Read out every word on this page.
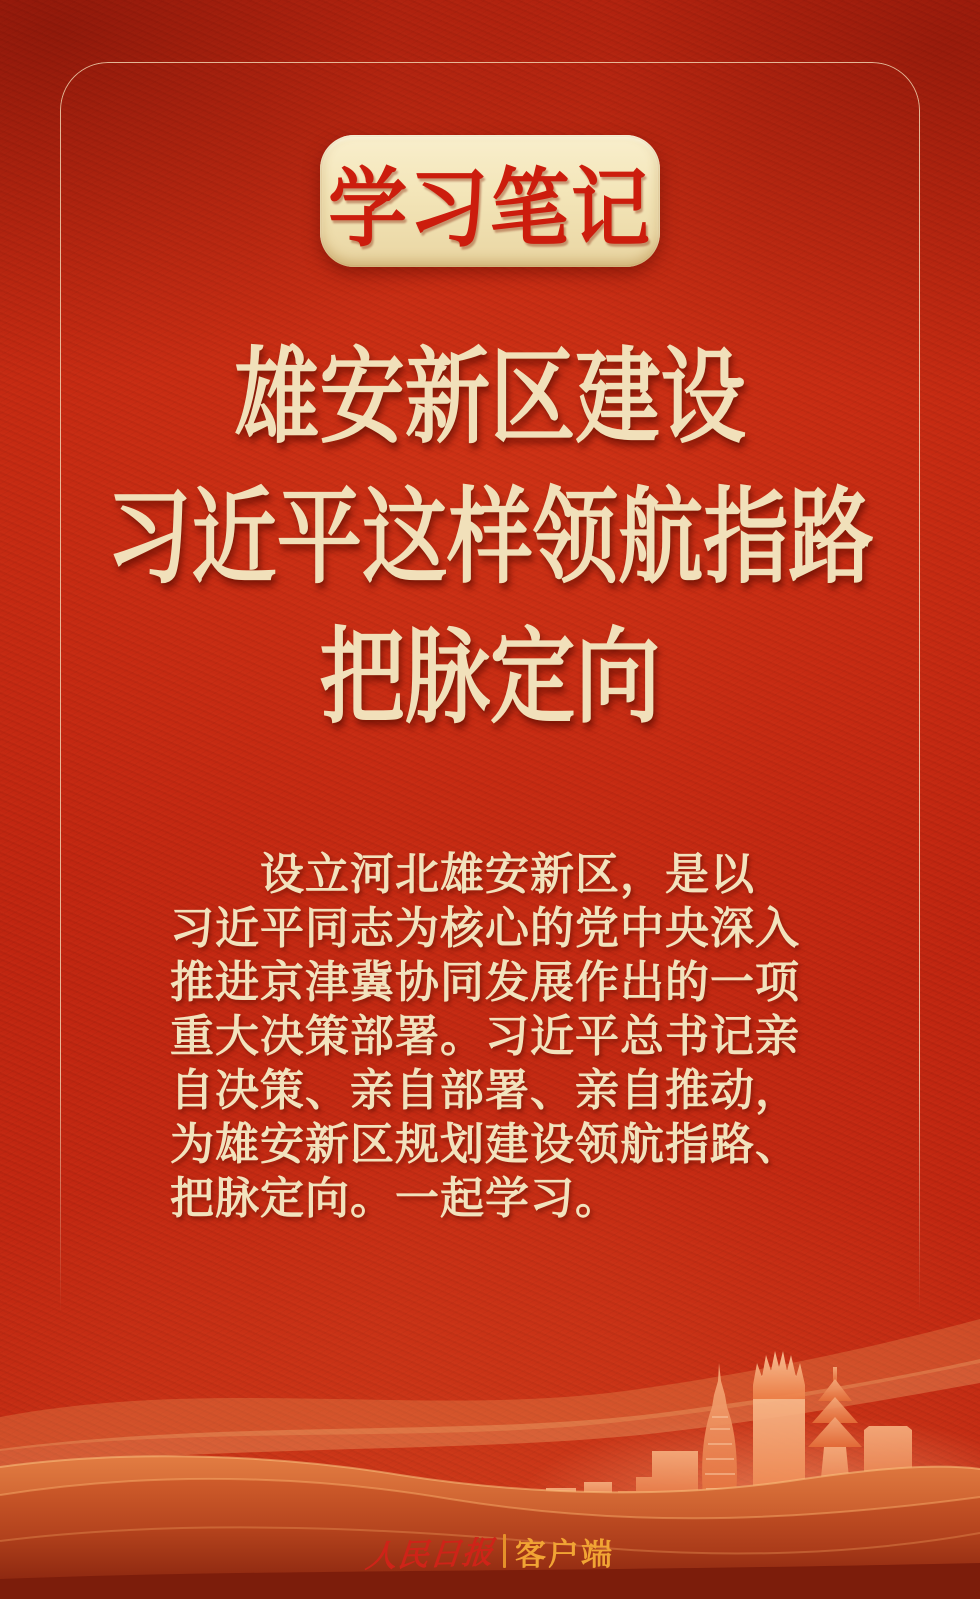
学习笔记
雄安新区建设
习近平这样领航指路
把脉定向
设立河北雄安新区，是以
习近平同志为核心的党中央深入
推进京津冀协同发展作出的一项
重大决策部署。习近平总书记亲
自决策、亲自部署、亲自推动，
为雄安新区规划建设领航指路、
把脉定向。一起学习。
人民日报 客户端
